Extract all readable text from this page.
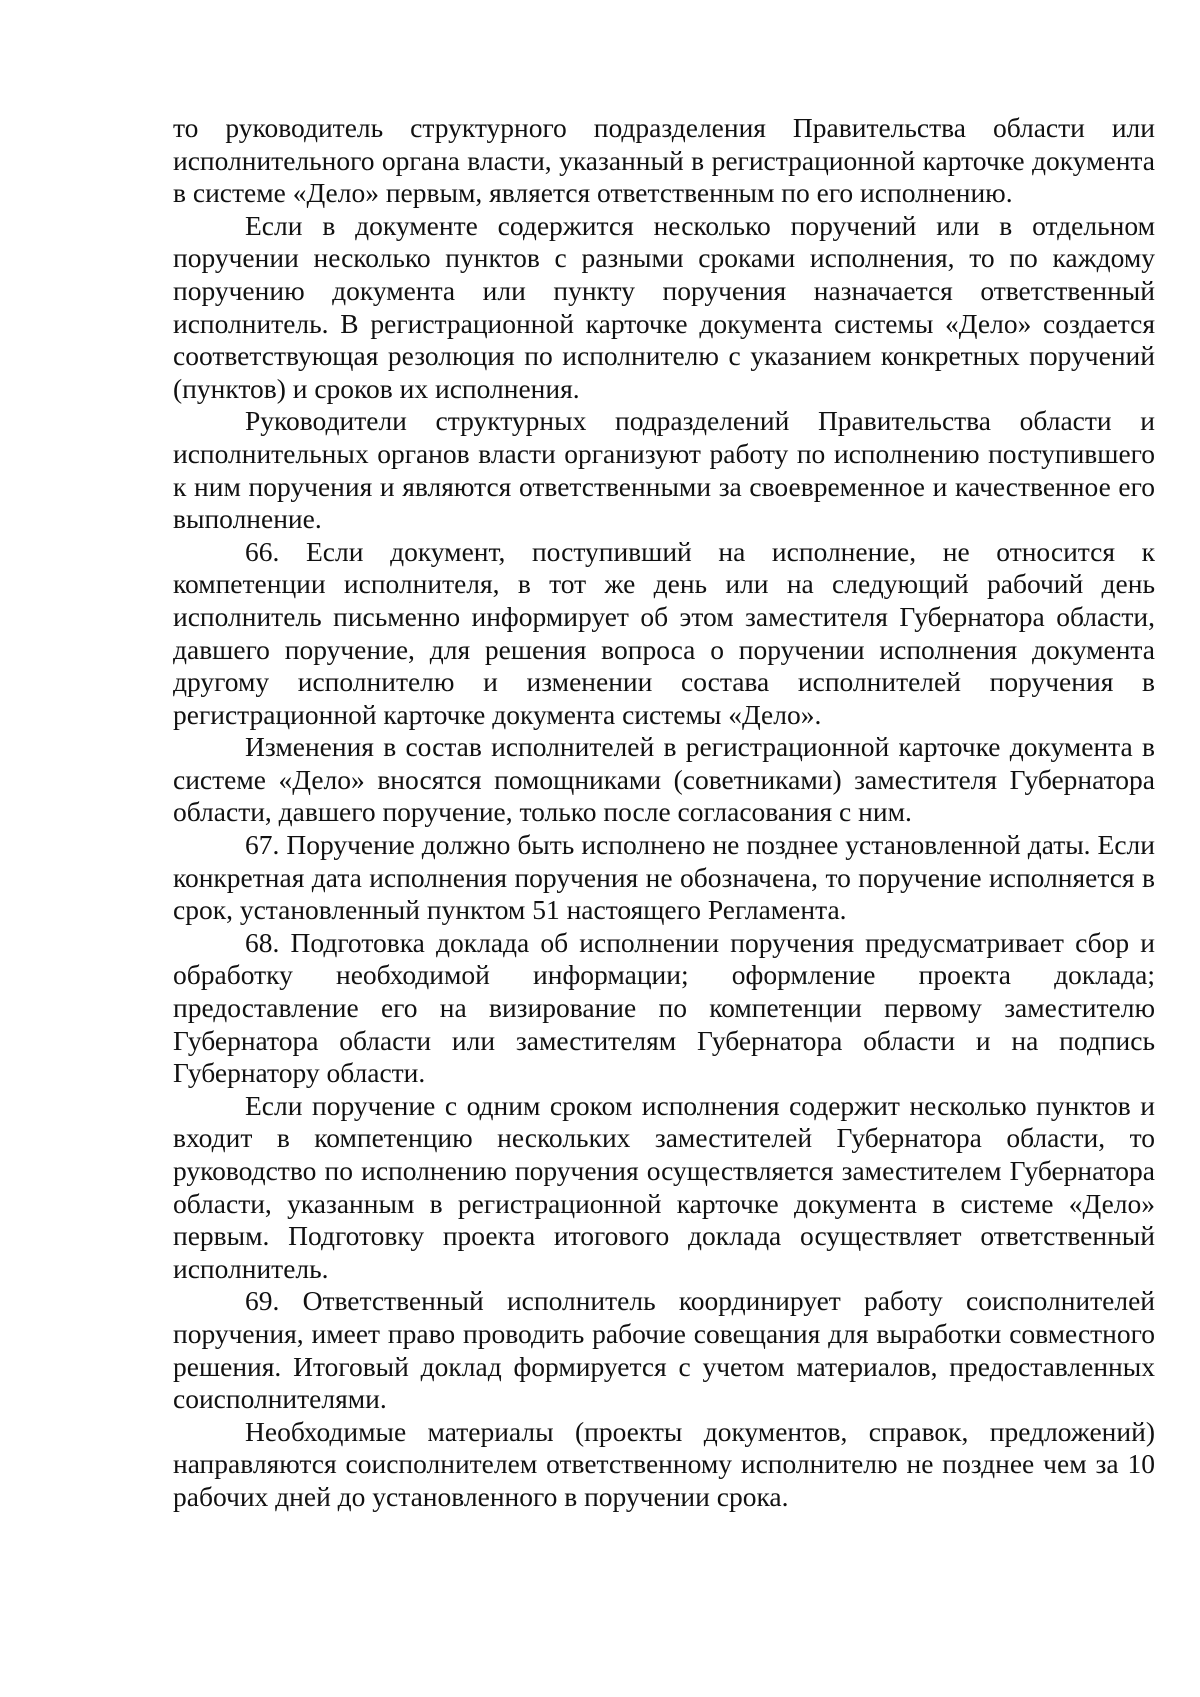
то руководитель структурного подразделения Правительства области или исполнительного органа власти, указанный в регистрационной карточке документа в системе «Дело» первым, является ответственным по его исполнению.

Если в документе содержится несколько поручений или в отдельном поручении несколько пунктов с разными сроками исполнения, то по каждому поручению документа или пункту поручения назначается ответственный исполнитель. В регистрационной карточке документа системы «Дело» создается соответствующая резолюция по исполнителю с указанием конкретных поручений (пунктов) и сроков их исполнения.

Руководители структурных подразделений Правительства области и исполнительных органов власти организуют работу по исполнению поступившего к ним поручения и являются ответственными за своевременное и качественное его выполнение.

66. Если документ, поступивший на исполнение, не относится к компетенции исполнителя, в тот же день или на следующий рабочий день исполнитель письменно информирует об этом заместителя Губернатора области, давшего поручение, для решения вопроса о поручении исполнения документа другому исполнителю и изменении состава исполнителей поручения в регистрационной карточке документа системы «Дело».

Изменения в состав исполнителей в регистрационной карточке документа в системе «Дело» вносятся помощниками (советниками) заместителя Губернатора области, давшего поручение, только после согласования с ним.

67. Поручение должно быть исполнено не позднее установленной даты. Если конкретная дата исполнения поручения не обозначена, то поручение исполняется в срок, установленный пунктом 51 настоящего Регламента.

68. Подготовка доклада об исполнении поручения предусматривает сбор и обработку необходимой информации; оформление проекта доклада; предоставление его на визирование по компетенции первому заместителю Губернатора области или заместителям Губернатора области и на подпись Губернатору области.

Если поручение с одним сроком исполнения содержит несколько пунктов и входит в компетенцию нескольких заместителей Губернатора области, то руководство по исполнению поручения осуществляется заместителем Губернатора области, указанным в регистрационной карточке документа в системе «Дело» первым. Подготовку проекта итогового доклада осуществляет ответственный исполнитель.

69. Ответственный исполнитель координирует работу соисполнителей поручения, имеет право проводить рабочие совещания для выработки совместного решения. Итоговый доклад формируется с учетом материалов, предоставленных соисполнителями.

Необходимые материалы (проекты документов, справок, предложений) направляются соисполнителем ответственному исполнителю не позднее чем за 10 рабочих дней до установленного в поручении срока.
